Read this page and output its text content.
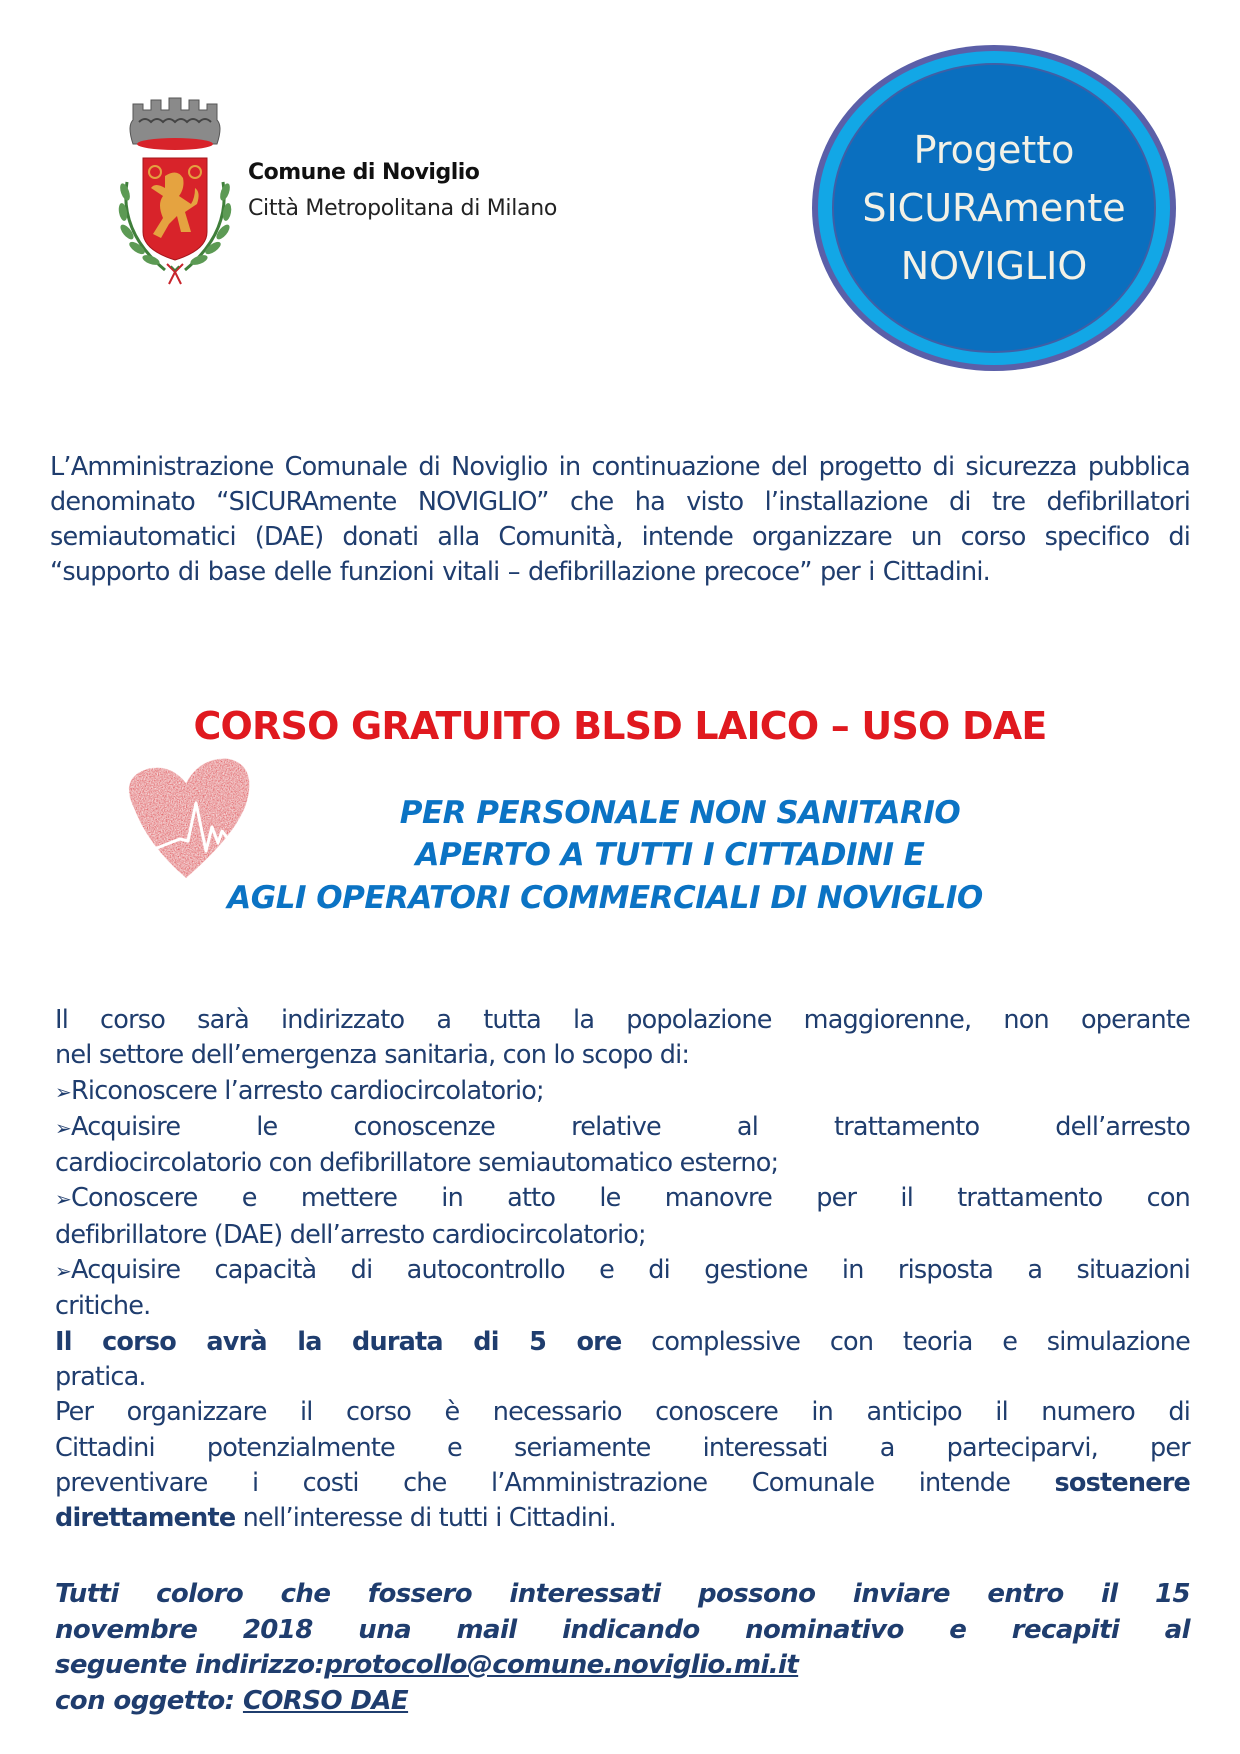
Comune di Noviglio
Città Metropolitana di Milano
Progetto
SICURAmente
NOVIGLIO

L’Amministrazione Comunale di Noviglio in continuazione del progetto di sicurezza pubblica denominato “SICURAmente NOVIGLIO” che ha visto l’installazione di tre defibrillatori semiautomatici (DAE) donati alla Comunità, intende organizzare un corso specifico di “supporto di base delle funzioni vitali – defibrillazione precoce” per i Cittadini.

CORSO GRATUITO BLSD LAICO – USO DAE
PER PERSONALE NON SANITARIO
APERTO A TUTTI I CITTADINI E
AGLI OPERATORI COMMERCIALI DI NOVIGLIO
Il corso sarà indirizzato a tutta la popolazione maggiorenne, non operante
nel settore dell’emergenza sanitaria, con lo scopo di:
➢Riconoscere l’arresto cardiocircolatorio;
➢Acquisire le conoscenze relative al trattamento dell’arresto
cardiocircolatorio con defibrillatore semiautomatico esterno;
➢Conoscere e mettere in atto le manovre per il trattamento con
defibrillatore (DAE) dell’arresto cardiocircolatorio;
➢Acquisire capacità di autocontrollo e di gestione in risposta a situazioni
critiche.
Il corso avrà la durata di 5 ore complessive con teoria e simulazione
pratica.
Per organizzare il corso è necessario conoscere in anticipo il numero di
Cittadini potenzialmente e seriamente interessati a parteciparvi, per
preventivare i costi che l’Amministrazione Comunale intende sostenere
direttamente nell’interesse di tutti i Cittadini.
Tutti coloro che fossero interessati possono inviare entro il 15
novembre 2018 una mail indicando nominativo e recapiti al
seguente indirizzo:protocollo@comune.noviglio.mi.it
con oggetto: CORSO DAE
